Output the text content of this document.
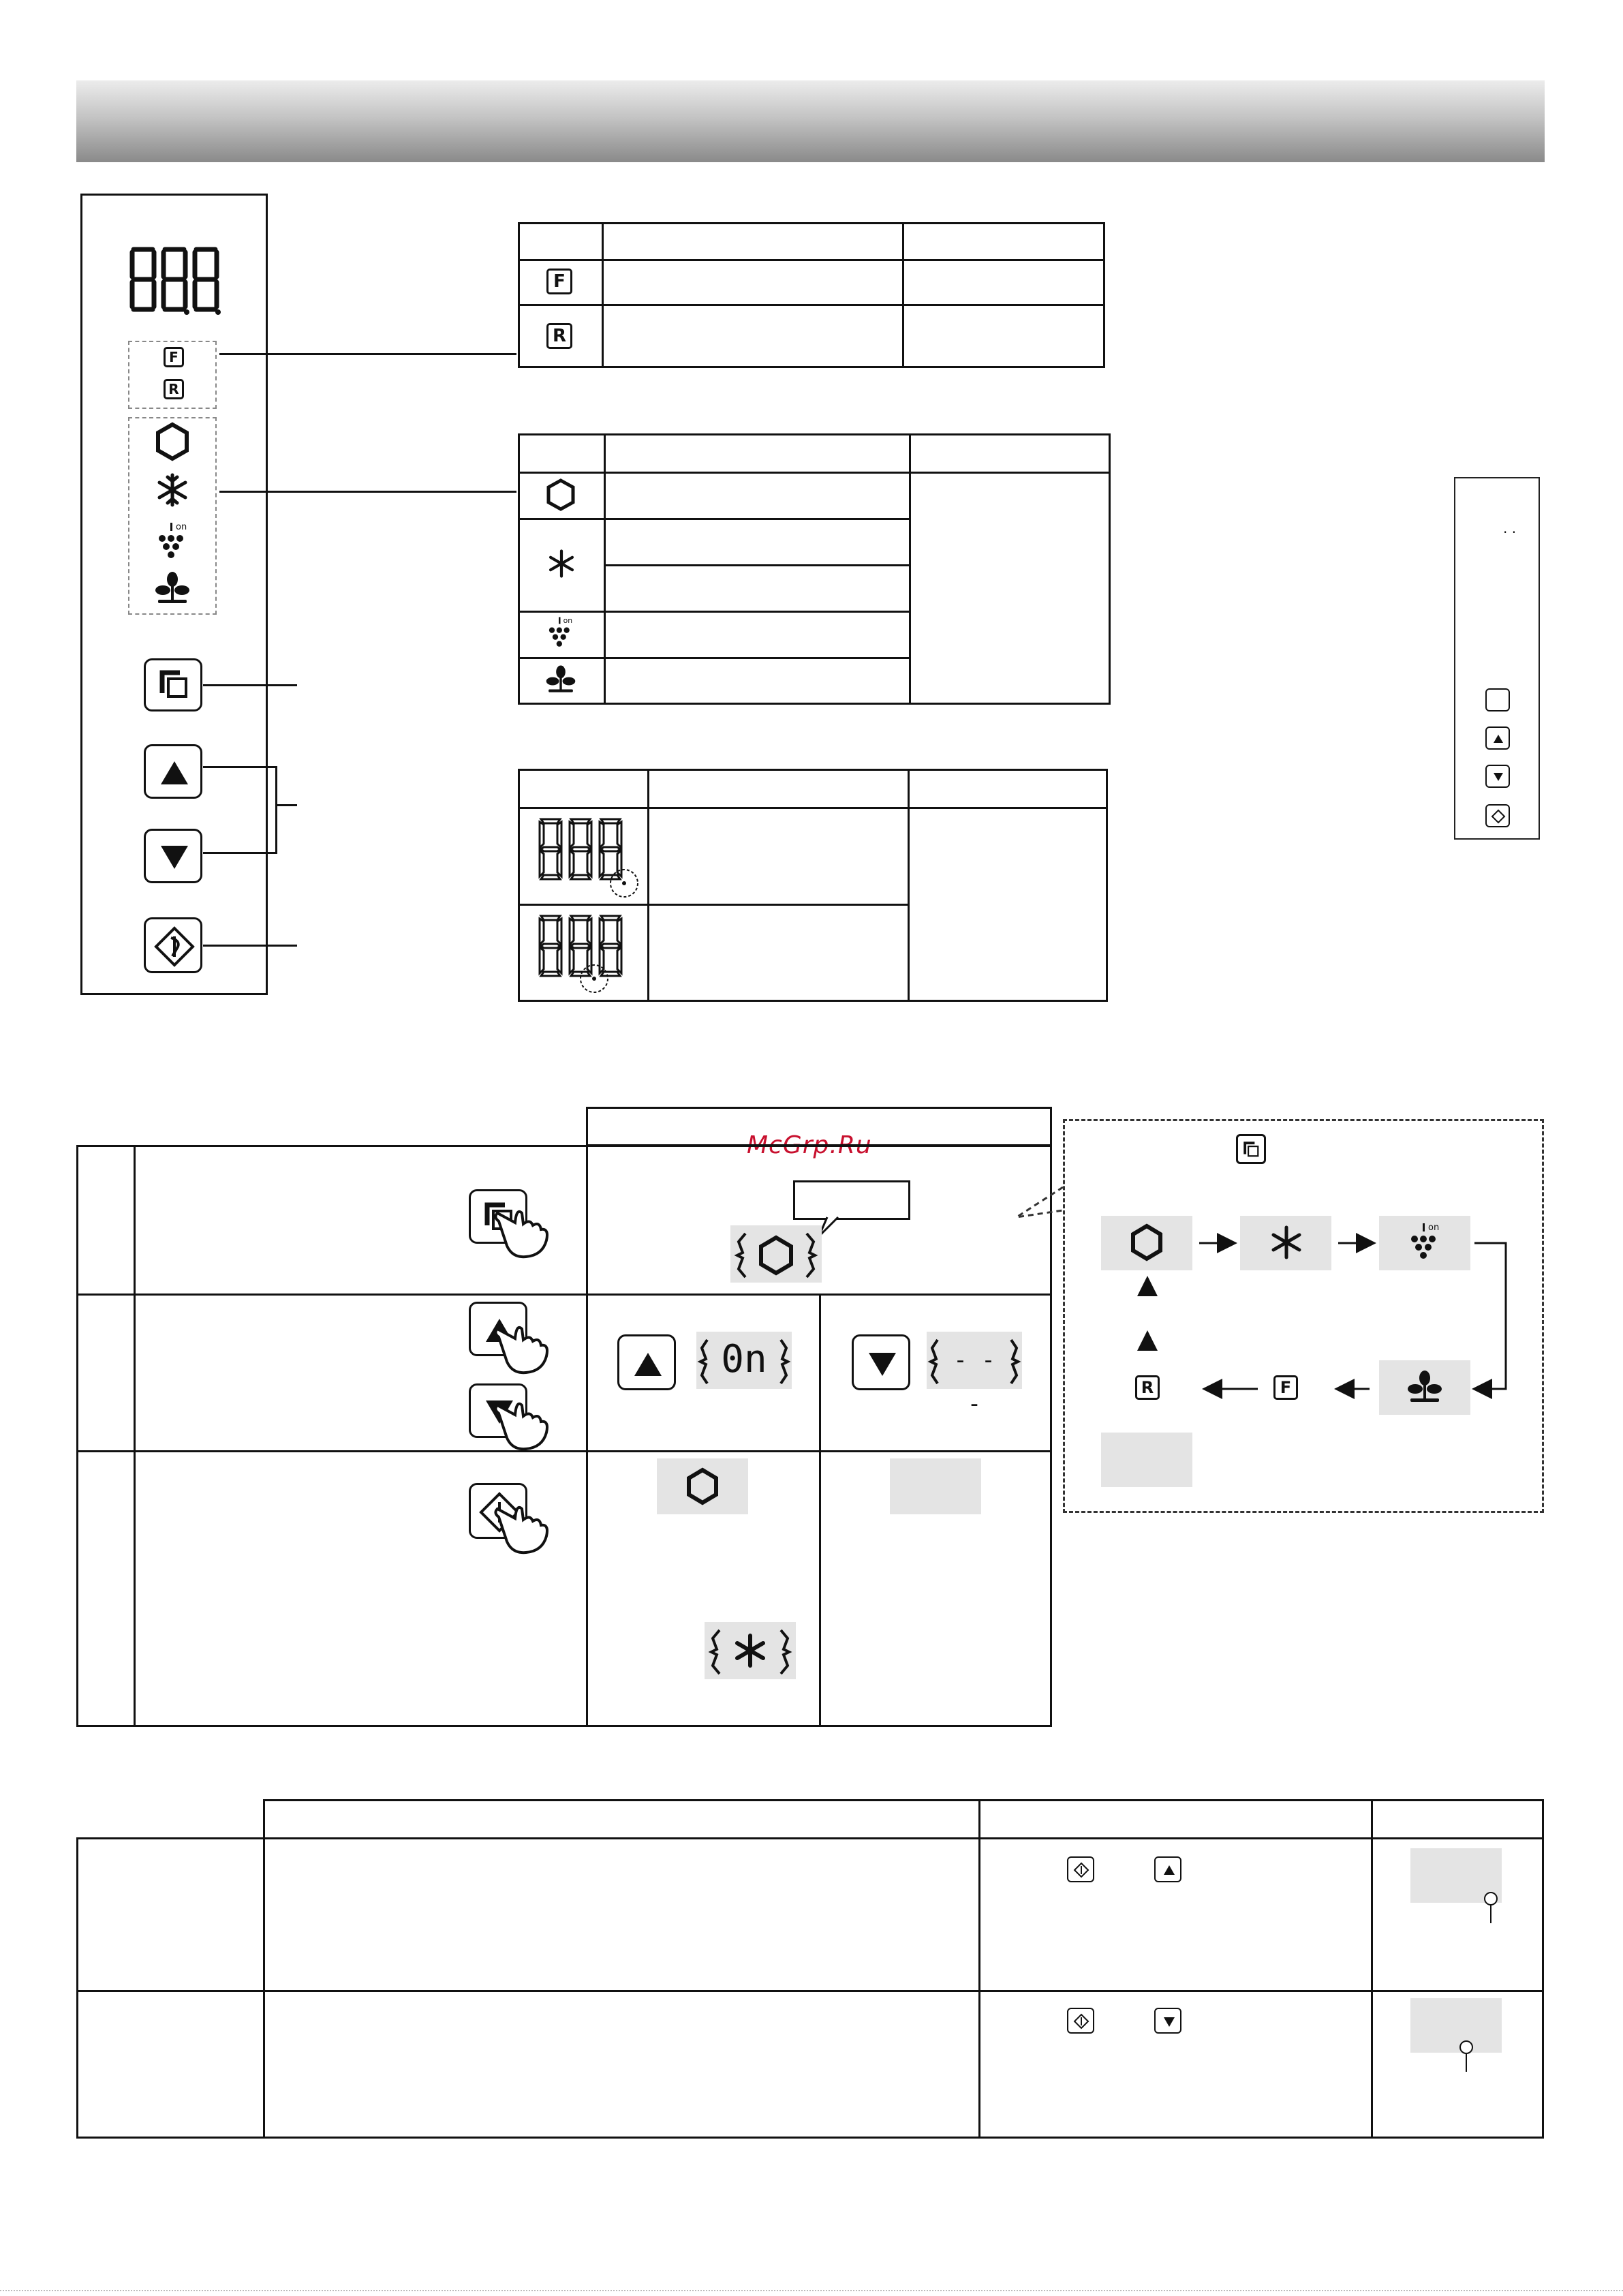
F
R
on
F
R
on
. .
McGrp.Ru
0n	- - -
on
F
R
